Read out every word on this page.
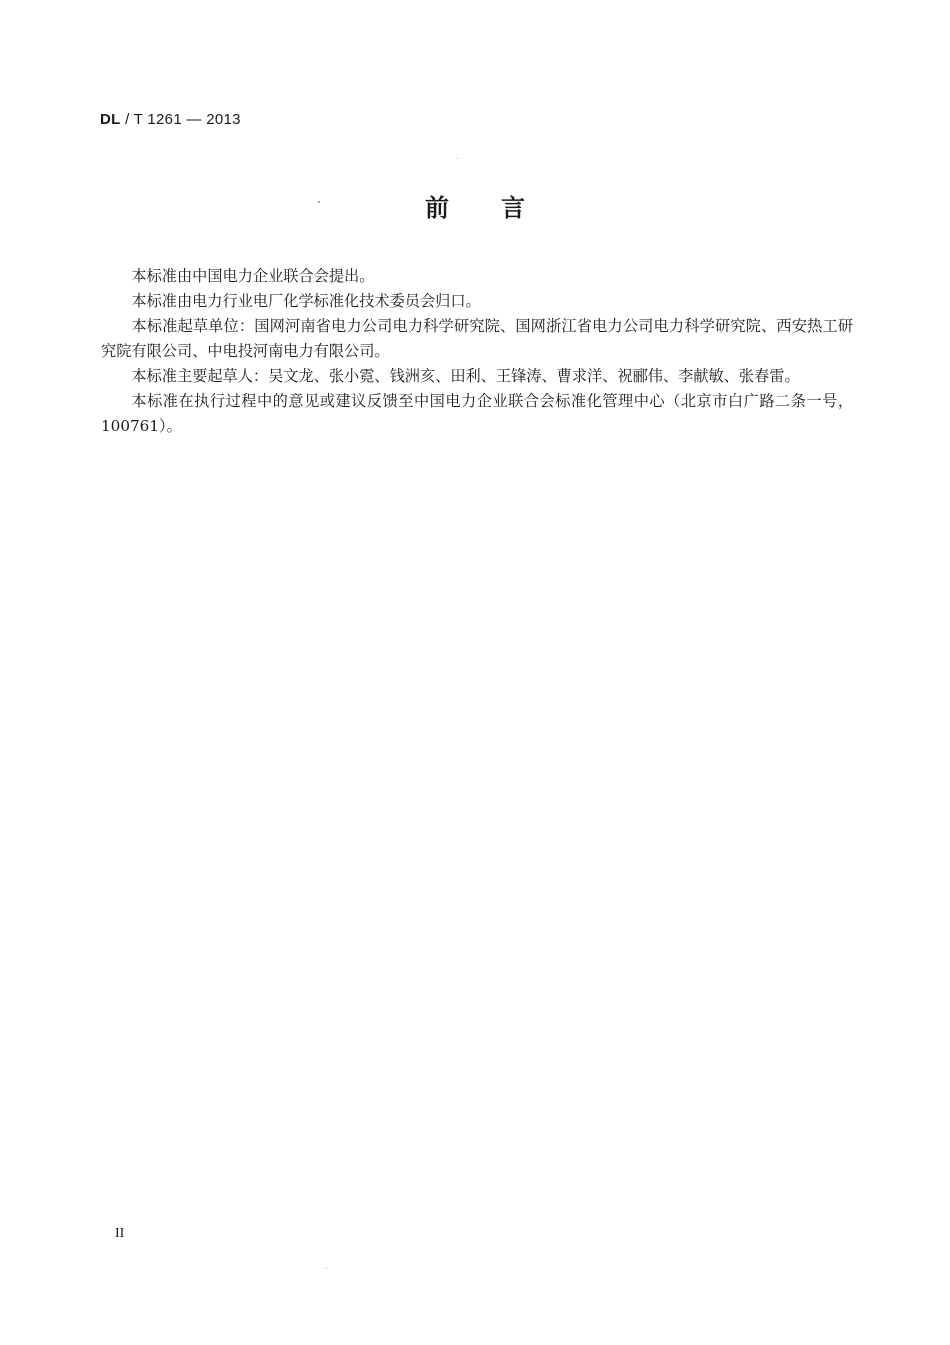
DL / T 1261 — 2013
前言

本标准由中国电力企业联合会提出。

本标准由电力行业电厂化学标准化技术委员会归口。

本标准起草单位：国网河南省电力公司电力科学研究院、国网浙江省电力公司电力科学研究院、西安热工研究院有限公司、中电投河南电力有限公司。

本标准主要起草人：吴文龙、张小霓、钱洲亥、田利、王锋涛、曹求洋、祝郦伟、李献敏、张春雷。

本标准在执行过程中的意见或建议反馈至中国电力企业联合会标准化管理中心（北京市白广路二条一号，100761）。

II
